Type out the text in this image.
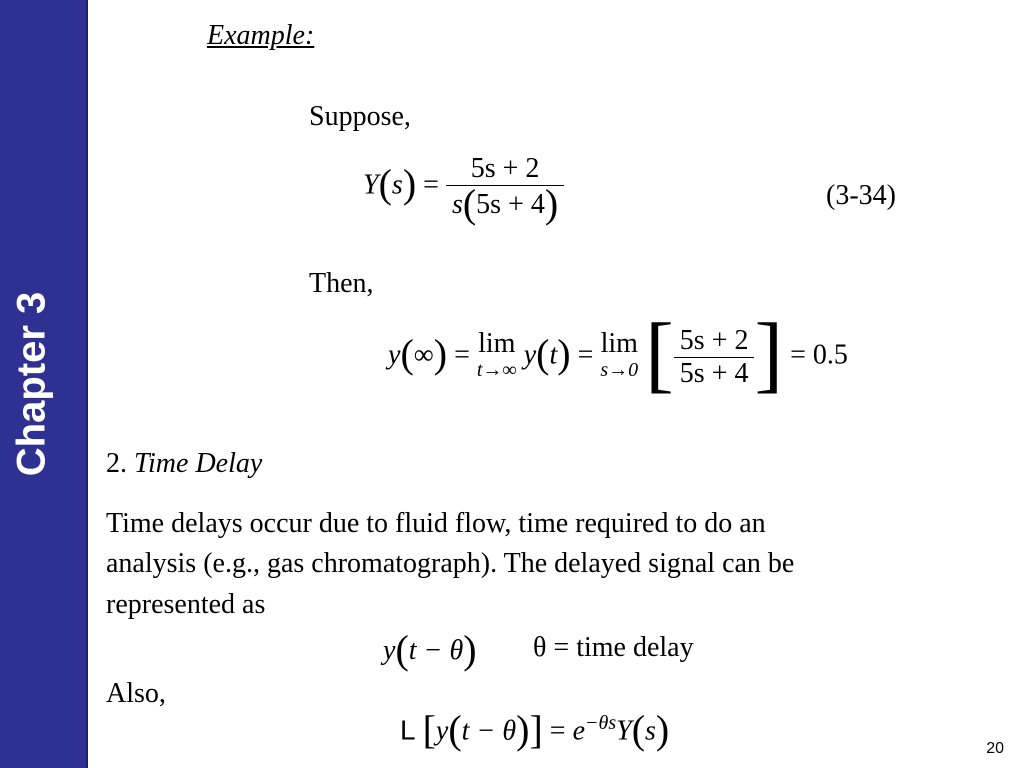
Chapter 3
Example:
Suppose,
$Y(s) = \frac{5s + 2}{s(5s + 4)}$	(3-34)
Then,
y(∞) = lim
t→∞ y(t) = lim
s→0 [ $\frac{5s + 2}{5s + 4}$ ] = 0.5
2. Time Delay
Time delays occur due to fluid flow, time required to do an
analysis (e.g., gas chromatograph). The delayed signal can be
represented as
y(t − θ) θ = time delay
Also,
L $[y(t - \theta)] = e^{-\theta s}Y(s)$	20
